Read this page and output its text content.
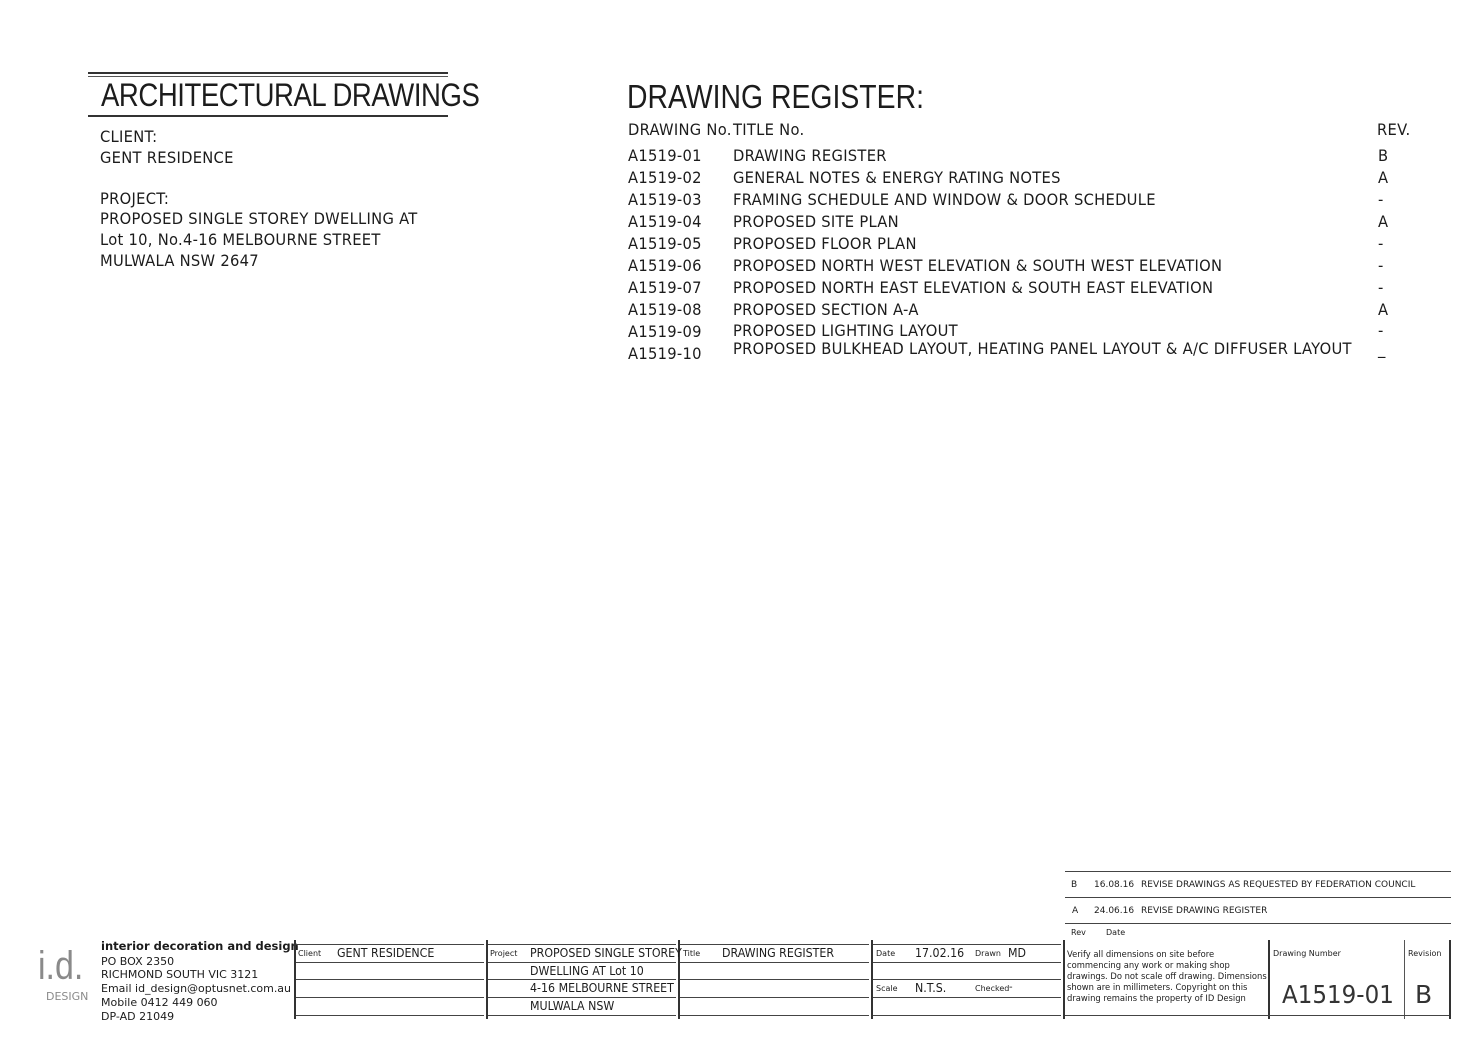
ARCHITECTURAL DRAWINGS
CLIENT:
GENT RESIDENCE
PROJECT:
PROPOSED SINGLE STOREY DWELLING AT
Lot 10, No.4-16 MELBOURNE STREET
MULWALA NSW 2647
DRAWING REGISTER:
DRAWING No. TITLE No.	REV.
A1519-01 DRAWING REGISTER	B
A1519-02 GENERAL NOTES & ENERGY RATING NOTES	A
A1519-03 FRAMING SCHEDULE AND WINDOW & DOOR SCHEDULE	-
A1519-04 PROPOSED SITE PLAN	A
A1519-05 PROPOSED FLOOR PLAN	-
A1519-06 PROPOSED NORTH WEST ELEVATION & SOUTH WEST ELEVATION	-
A1519-07 PROPOSED NORTH EAST ELEVATION & SOUTH EAST ELEVATION	-
A1519-08 PROPOSED SECTION A-A	A
A1519-09 PROPOSED LIGHTING LAYOUT	-
A1519-10 PROPOSED BULKHEAD LAYOUT, HEATING PANEL LAYOUT & A/C DIFFUSER LAYOUT _
B 16.08.16 REVISE DRAWINGS AS REQUESTED BY FEDERATION COUNCIL
A 24.06.16 REVISE DRAWING REGISTER
Rev	Date
i.d.
DESIGN
interior decoration and design
PO BOX 2350
RICHMOND SOUTH VIC 3121
Email id_design@optusnet.com.au
Mobile 0412 449 060
DP-AD 21049
Client GENT RESIDENCE	Project PROPOSED SINGLE STOREY
DWELLING AT Lot 10
4-16 MELBOURNE STREET
MULWALA NSW
Title DRAWING REGISTER	Date 17.02.16 Drawn MD
Scale N.T.S.	Checked -
Verify all dimensions on site before
commencing any work or making shop
drawings. Do not scale off drawing. Dimensions
shown are in millimeters. Copyright on this
drawing remains the property of ID Design
Drawing Number
A1519-01
Revision
B
